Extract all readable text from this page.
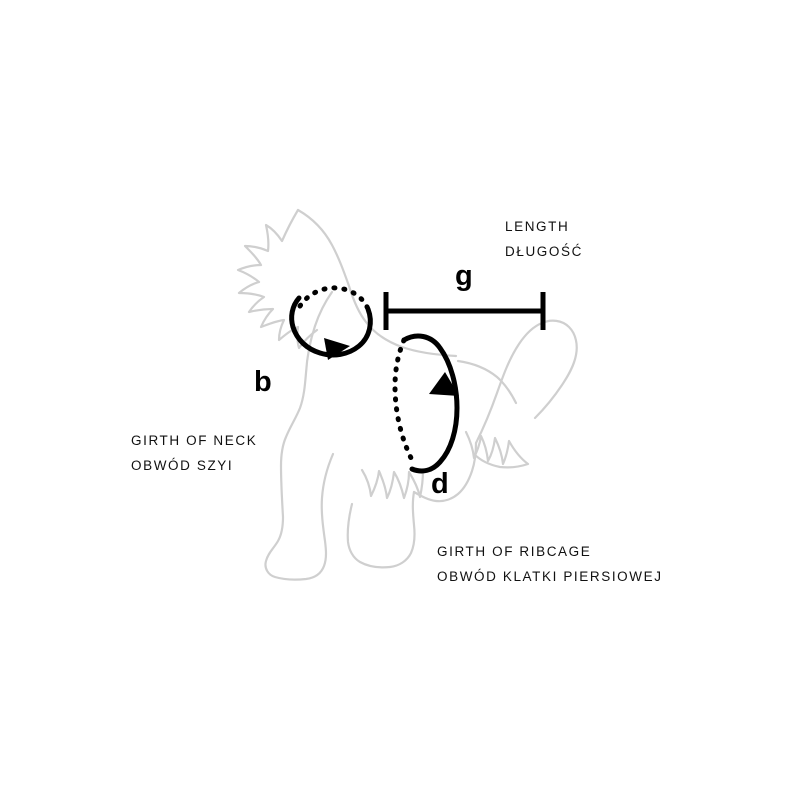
LENGTH
DŁUGOŚĆ
GIRTH OF NECK
OBWÓD SZYI
GIRTH OF RIBCAGE
OBWÓD KLATKI PIERSIOWEJ
b
g
d
